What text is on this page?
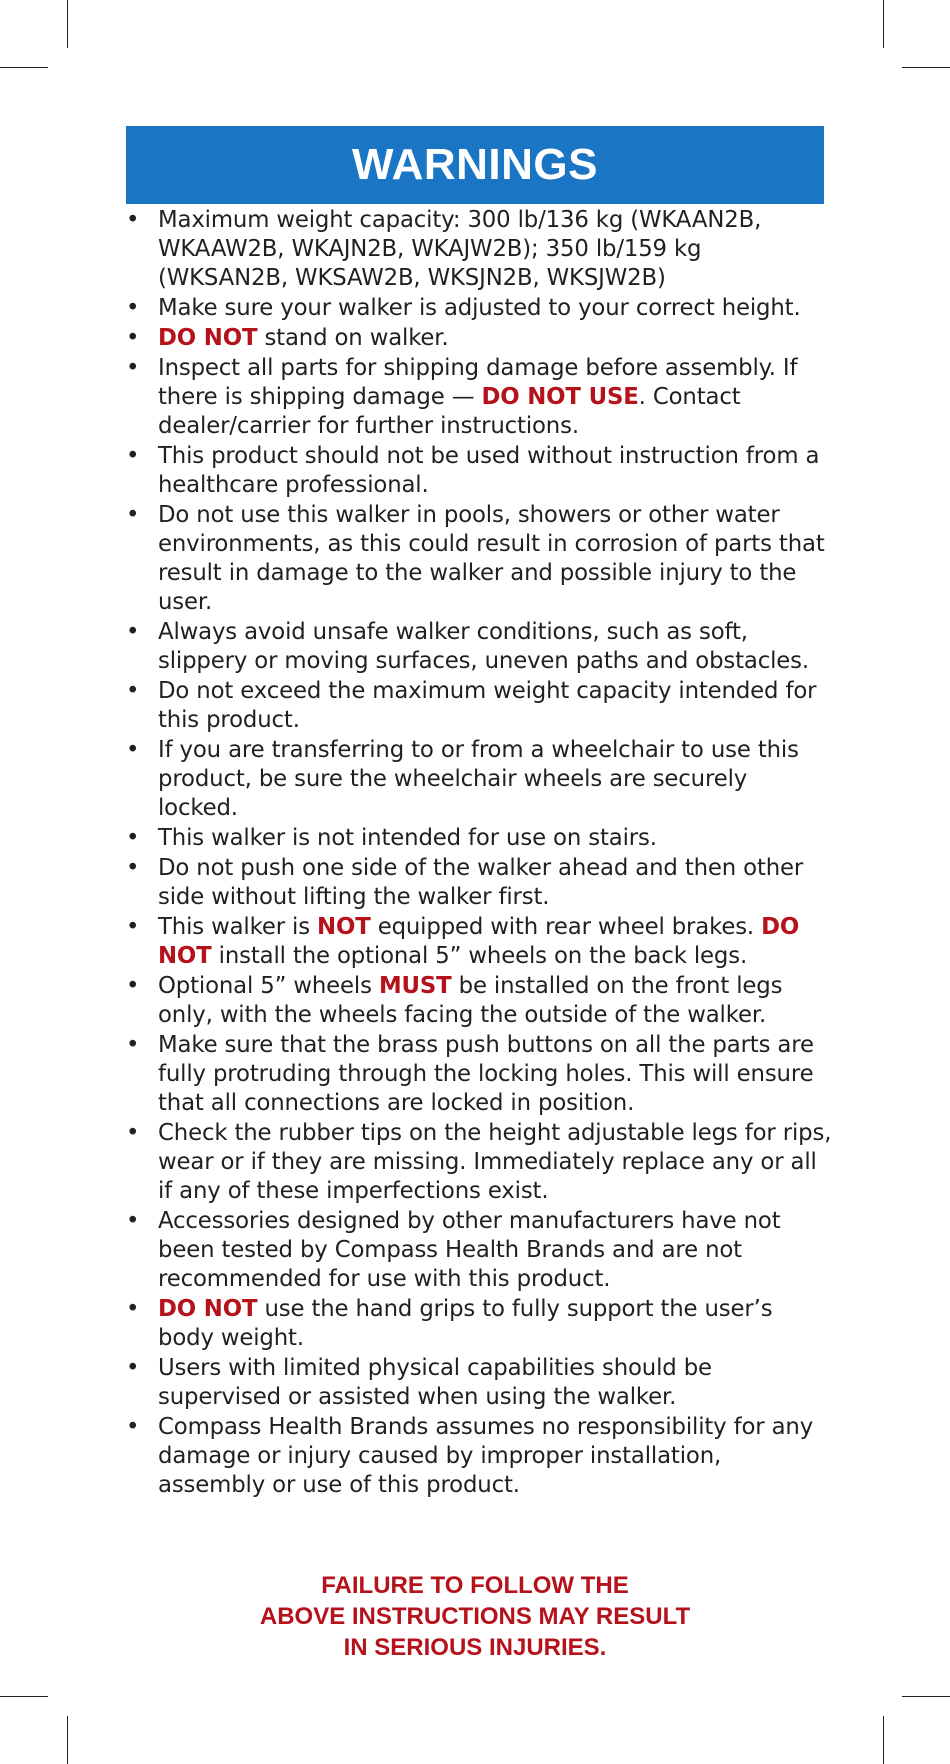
WARNINGS
• Maximum weight capacity: 300 lb/136 kg (WKAAN2B, WKAAW2B, WKAJN2B, WKAJW2B); 350 lb/159 kg (WKSAN2B, WKSAW2B, WKSJN2B, WKSJW2B)
• Make sure your walker is adjusted to your correct height.
• DO NOT stand on walker.
• Inspect all parts for shipping damage before assembly. If there is shipping damage — DO NOT USE. Contact dealer/carrier for further instructions.
• This product should not be used without instruction from a healthcare professional.
• Do not use this walker in pools, showers or other water environments, as this could result in corrosion of parts that result in damage to the walker and possible injury to the user.
• Always avoid unsafe walker conditions, such as soft, slippery or moving surfaces, uneven paths and obstacles.
• Do not exceed the maximum weight capacity intended for this product.
• If you are transferring to or from a wheelchair to use this product, be sure the wheelchair wheels are securely locked.
• This walker is not intended for use on stairs.
• Do not push one side of the walker ahead and then other side without lifting the walker first.
• This walker is NOT equipped with rear wheel brakes. DO NOT install the optional 5” wheels on the back legs.
• Optional 5” wheels MUST be installed on the front legs only, with the wheels facing the outside of the walker.
• Make sure that the brass push buttons on all the parts are fully protruding through the locking holes. This will ensure that all connections are locked in position.
• Check the rubber tips on the height adjustable legs for rips, wear or if they are missing. Immediately replace any or all if any of these imperfections exist.
• Accessories designed by other manufacturers have not been tested by Compass Health Brands and are not recommended for use with this product.
• DO NOT use the hand grips to fully support the user’s body weight.
• Users with limited physical capabilities should be supervised or assisted when using the walker.
• Compass Health Brands assumes no responsibility for any damage or injury caused by improper installation, assembly or use of this product.
FAILURE TO FOLLOW THE
ABOVE INSTRUCTIONS MAY RESULT
IN SERIOUS INJURIES.
